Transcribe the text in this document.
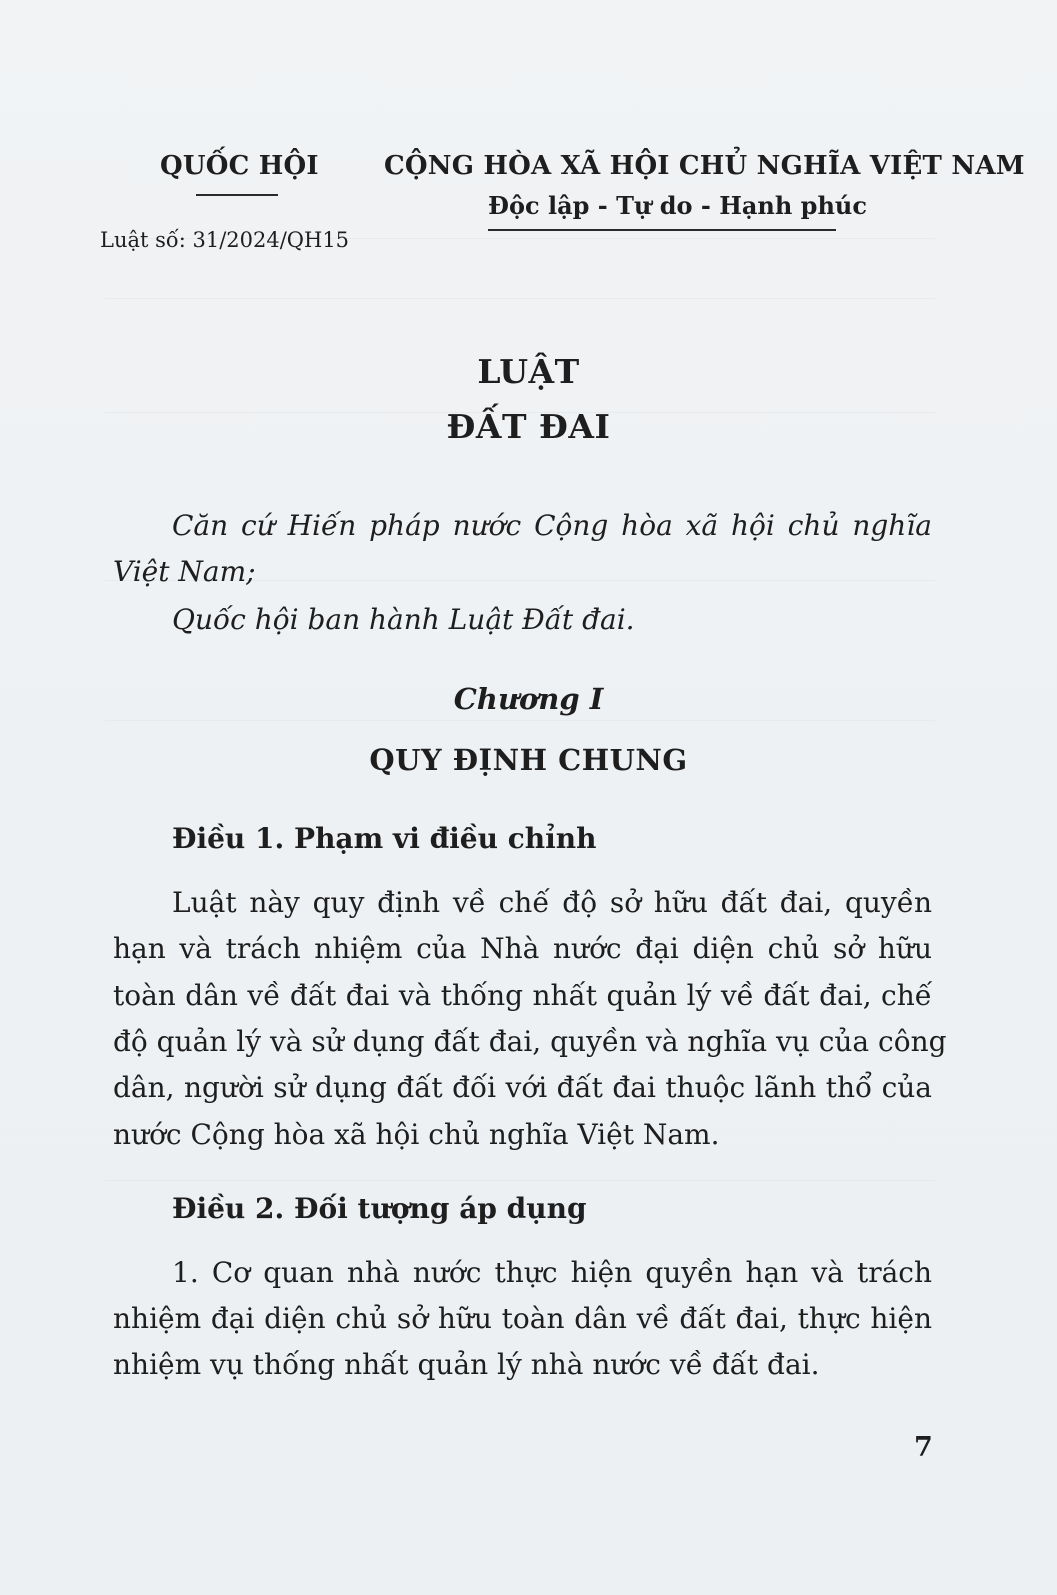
QUỐC HỘI	CỘNG HÒA XÃ HỘI CHỦ NGHĨA VIỆT NAM
Độc lập - Tự do - Hạnh phúc
Luật số: 31/2024/QH15
LUẬT
ĐẤT ĐAI
Căn cứ Hiến pháp nước Cộng hòa xã hội chủ nghĩa
Việt Nam;
Quốc hội ban hành Luật Đất đai.
Chương I
QUY ĐỊNH CHUNG
Điều 1. Phạm vi điều chỉnh
Luật này quy định về chế độ sở hữu đất đai, quyền
hạn và trách nhiệm của Nhà nước đại diện chủ sở hữu
toàn dân về đất đai và thống nhất quản lý về đất đai, chế
độ quản lý và sử dụng đất đai, quyền và nghĩa vụ của công
dân, người sử dụng đất đối với đất đai thuộc lãnh thổ của
nước Cộng hòa xã hội chủ nghĩa Việt Nam.
Điều 2. Đối tượng áp dụng
1. Cơ quan nhà nước thực hiện quyền hạn và trách
nhiệm đại diện chủ sở hữu toàn dân về đất đai, thực hiện
nhiệm vụ thống nhất quản lý nhà nước về đất đai.
7
